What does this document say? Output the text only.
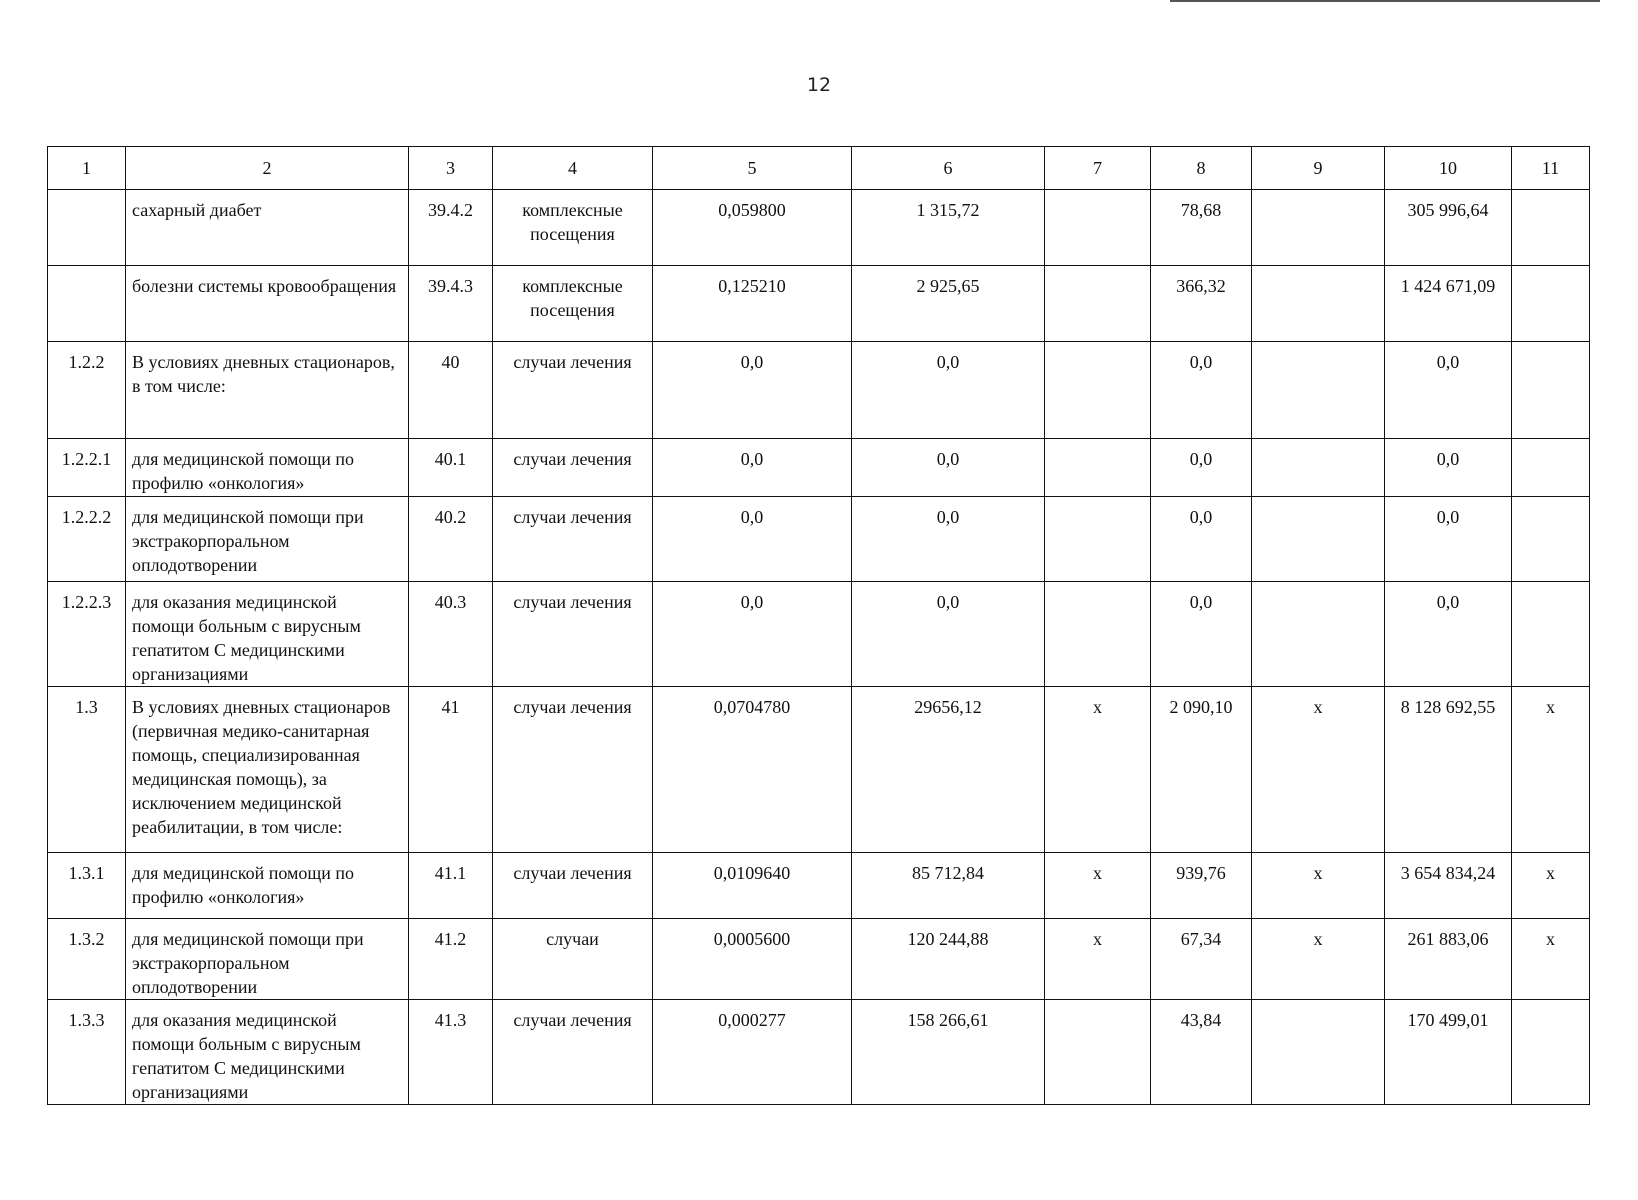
12
1	2	3	4	5	6	7	8	9	10	11
	сахарный диабет	39.4.2	комплексные посещения	0,059800	1 315,72		78,68		305 996,64	
	болезни системы кровообращения	39.4.3	комплексные посещения	0,125210	2 925,65		366,32		1 424 671,09	
1.2.2	В условиях дневных стационаров, в том числе:	40	случаи лечения	0,0	0,0		0,0		0,0	
1.2.2.1	для медицинской помощи по профилю «онкология»	40.1	случаи лечения	0,0	0,0		0,0		0,0	
1.2.2.2	для медицинской помощи при экстракорпоральном оплодотворении	40.2	случаи лечения	0,0	0,0		0,0		0,0	
1.2.2.3	для оказания медицинской помощи больным с вирусным гепатитом С медицинскими организациями	40.3	случаи лечения	0,0	0,0		0,0		0,0	
1.3	В условиях дневных стационаров (первичная медико-санитарная помощь, специализированная медицинская помощь), за исключением медицинской реабилитации, в том числе:	41	случаи лечения	0,0704780	29656,12	х	2 090,10	х	8 128 692,55	х
1.3.1	для медицинской помощи по профилю «онкология»	41.1	случаи лечения	0,0109640	85 712,84	х	939,76	х	3 654 834,24	х
1.3.2	для медицинской помощи при экстракорпоральном оплодотворении	41.2	случаи	0,0005600	120 244,88	х	67,34	х	261 883,06	х
1.3.3	для оказания медицинской помощи больным с вирусным гепатитом С медицинскими организациями	41.3	случаи лечения	0,000277	158 266,61		43,84		170 499,01	
